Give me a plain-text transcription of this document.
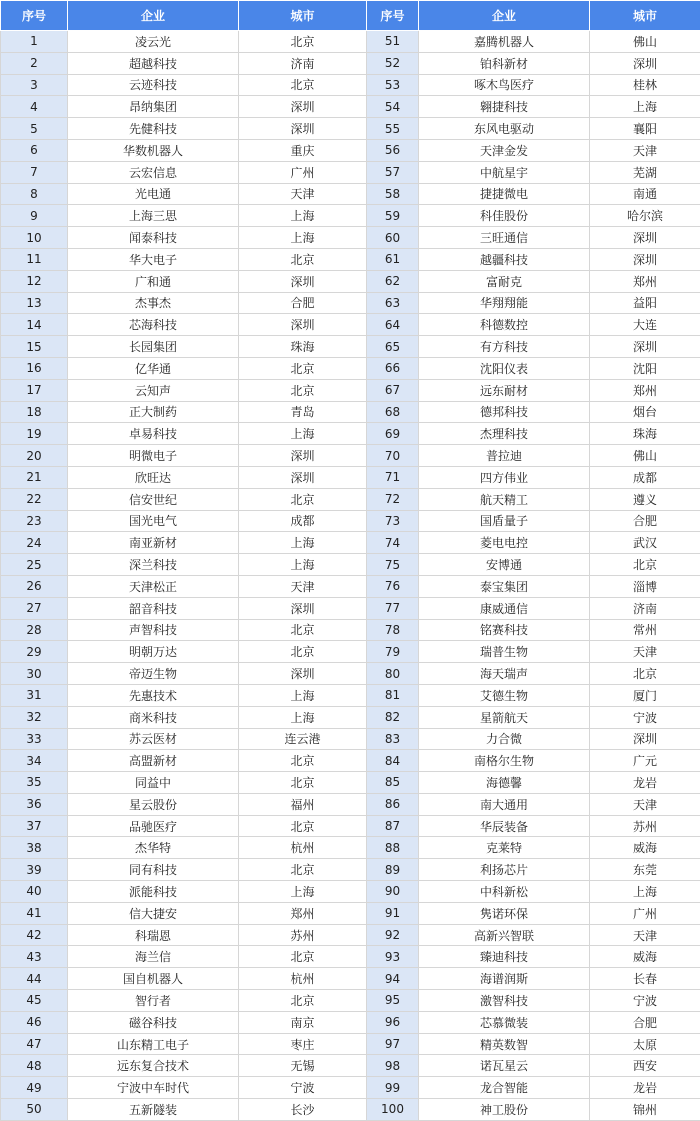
序号	企业	城市	序号	企业	城市
1	凌云光	北京	51	嘉腾机器人	佛山
2	超越科技	济南	52	铂科新材	深圳
3	云迹科技	北京	53	啄木鸟医疗	桂林
4	昂纳集团	深圳	54	翱捷科技	上海
5	先健科技	深圳	55	东风电驱动	襄阳
6	华数机器人	重庆	56	天津金发	天津
7	云宏信息	广州	57	中航星宇	芜湖
8	光电通	天津	58	捷捷微电	南通
9	上海三思	上海	59	科佳股份	哈尔滨
10	闻泰科技	上海	60	三旺通信	深圳
11	华大电子	北京	61	越疆科技	深圳
12	广和通	深圳	62	富耐克	郑州
13	杰事杰	合肥	63	华翔翔能	益阳
14	芯海科技	深圳	64	科德数控	大连
15	长园集团	珠海	65	有方科技	深圳
16	亿华通	北京	66	沈阳仪表	沈阳
17	云知声	北京	67	远东耐材	郑州
18	正大制药	青岛	68	德邦科技	烟台
19	卓易科技	上海	69	杰理科技	珠海
20	明微电子	深圳	70	普拉迪	佛山
21	欣旺达	深圳	71	四方伟业	成都
22	信安世纪	北京	72	航天精工	遵义
23	国光电气	成都	73	国盾量子	合肥
24	南亚新材	上海	74	菱电电控	武汉
25	深兰科技	上海	75	安博通	北京
26	天津松正	天津	76	泰宝集团	淄博
27	韶音科技	深圳	77	康威通信	济南
28	声智科技	北京	78	铭赛科技	常州
29	明朝万达	北京	79	瑞普生物	天津
30	帝迈生物	深圳	80	海天瑞声	北京
31	先惠技术	上海	81	艾德生物	厦门
32	商米科技	上海	82	星箭航天	宁波
33	苏云医材	连云港	83	力合微	深圳
34	高盟新材	北京	84	南格尔生物	广元
35	同益中	北京	85	海德馨	龙岩
36	星云股份	福州	86	南大通用	天津
37	品驰医疗	北京	87	华辰装备	苏州
38	杰华特	杭州	88	克莱特	威海
39	同有科技	北京	89	利扬芯片	东莞
40	派能科技	上海	90	中科新松	上海
41	信大捷安	郑州	91	隽诺环保	广州
42	科瑞恩	苏州	92	高新兴智联	天津
43	海兰信	北京	93	臻迪科技	威海
44	国自机器人	杭州	94	海谱润斯	长春
45	智行者	北京	95	激智科技	宁波
46	磁谷科技	南京	96	芯慕微装	合肥
47	山东精工电子	枣庄	97	精英数智	太原
48	远东复合技术	无锡	98	诺瓦星云	西安
49	宁波中车时代	宁波	99	龙合智能	龙岩
50	五新隧装	长沙	100	神工股份	锦州
